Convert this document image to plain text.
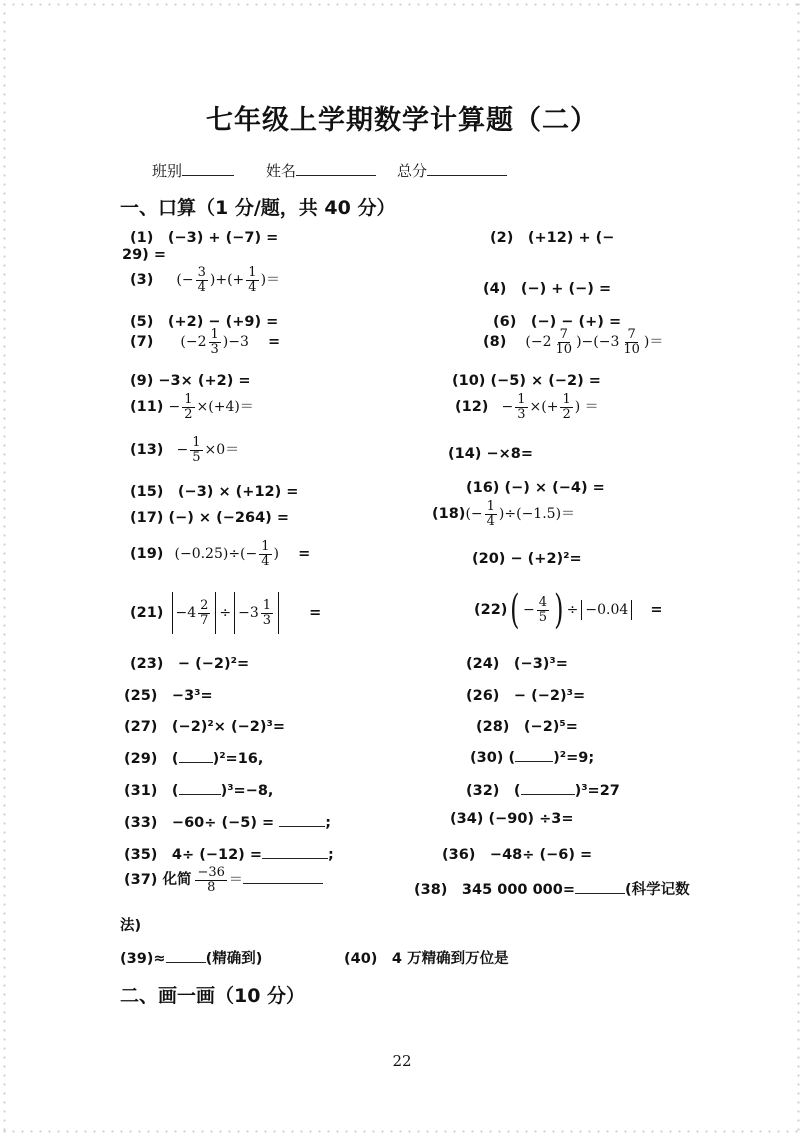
七年级上学期数学计算题（二）
班别	姓名	总分
一、口算（1 分/题，共 40 分）
(1)　(−3) + (−7) =	(2)　(+12) + (−
29) =
(3) (− $\frac{3}{4}$ )+(+ $\frac{1}{4}$ )＝
(4)　(−) + (−) =
(5)　(+2) − (+9) =	(6)　(−) − (+) =
(7) $(-2 \frac{1}{3} )-3$ =	(8) $(-2 \frac{7}{10} )-(-3 \frac{7}{10}$ )＝
(9) −3× (+2) =	(10) (−5) × (−2) =
$(11) - \frac{1}{2} \times(+4)=$	$(12) - \frac{1}{3}$ ×(+ $\frac{1}{2}$ ) ＝
$(13) - \frac{1}{5} \times 0=$	(14) −×8=
(15)　(−3) × (+12) =	(16) (−) × (−4) =
(17) (−) × (−264) =	$(18)(- \frac{1}{4} )\div(-1.5)=$
(19) $(-0.25)\div(- \frac{1}{4}$ ) =	(20) − (+2)²=
$(21) -4 \frac{2}{7} \div -3 \frac{1}{3}$ =	$(22)( - \frac{4}{5}$ ) ÷ −0.04 =
(23)　− (−2)²=	(24)　(−3)³=
(25)　−3³=	(26)　− (−2)³=
(27)　(−2)²× (−2)³=	(28)　(−2)⁵=
(29)　( )²=16,	(30) (	)²=9;
(31)　(	)³=−8,	(32)　(	)³=27
(33)　−60÷ (−5) =	;	(34) (−90) ÷3=
(35)　4÷ (−12) =	;	(36)　−48÷ (−6) =
(37) 化简 $\frac{-36}{8}$ ＝
(38)　345 000 000=	(科学记数
法)
(39)≈	(精确到)	(40)　4 万精确到万位是
二、画一画（10 分）
22
